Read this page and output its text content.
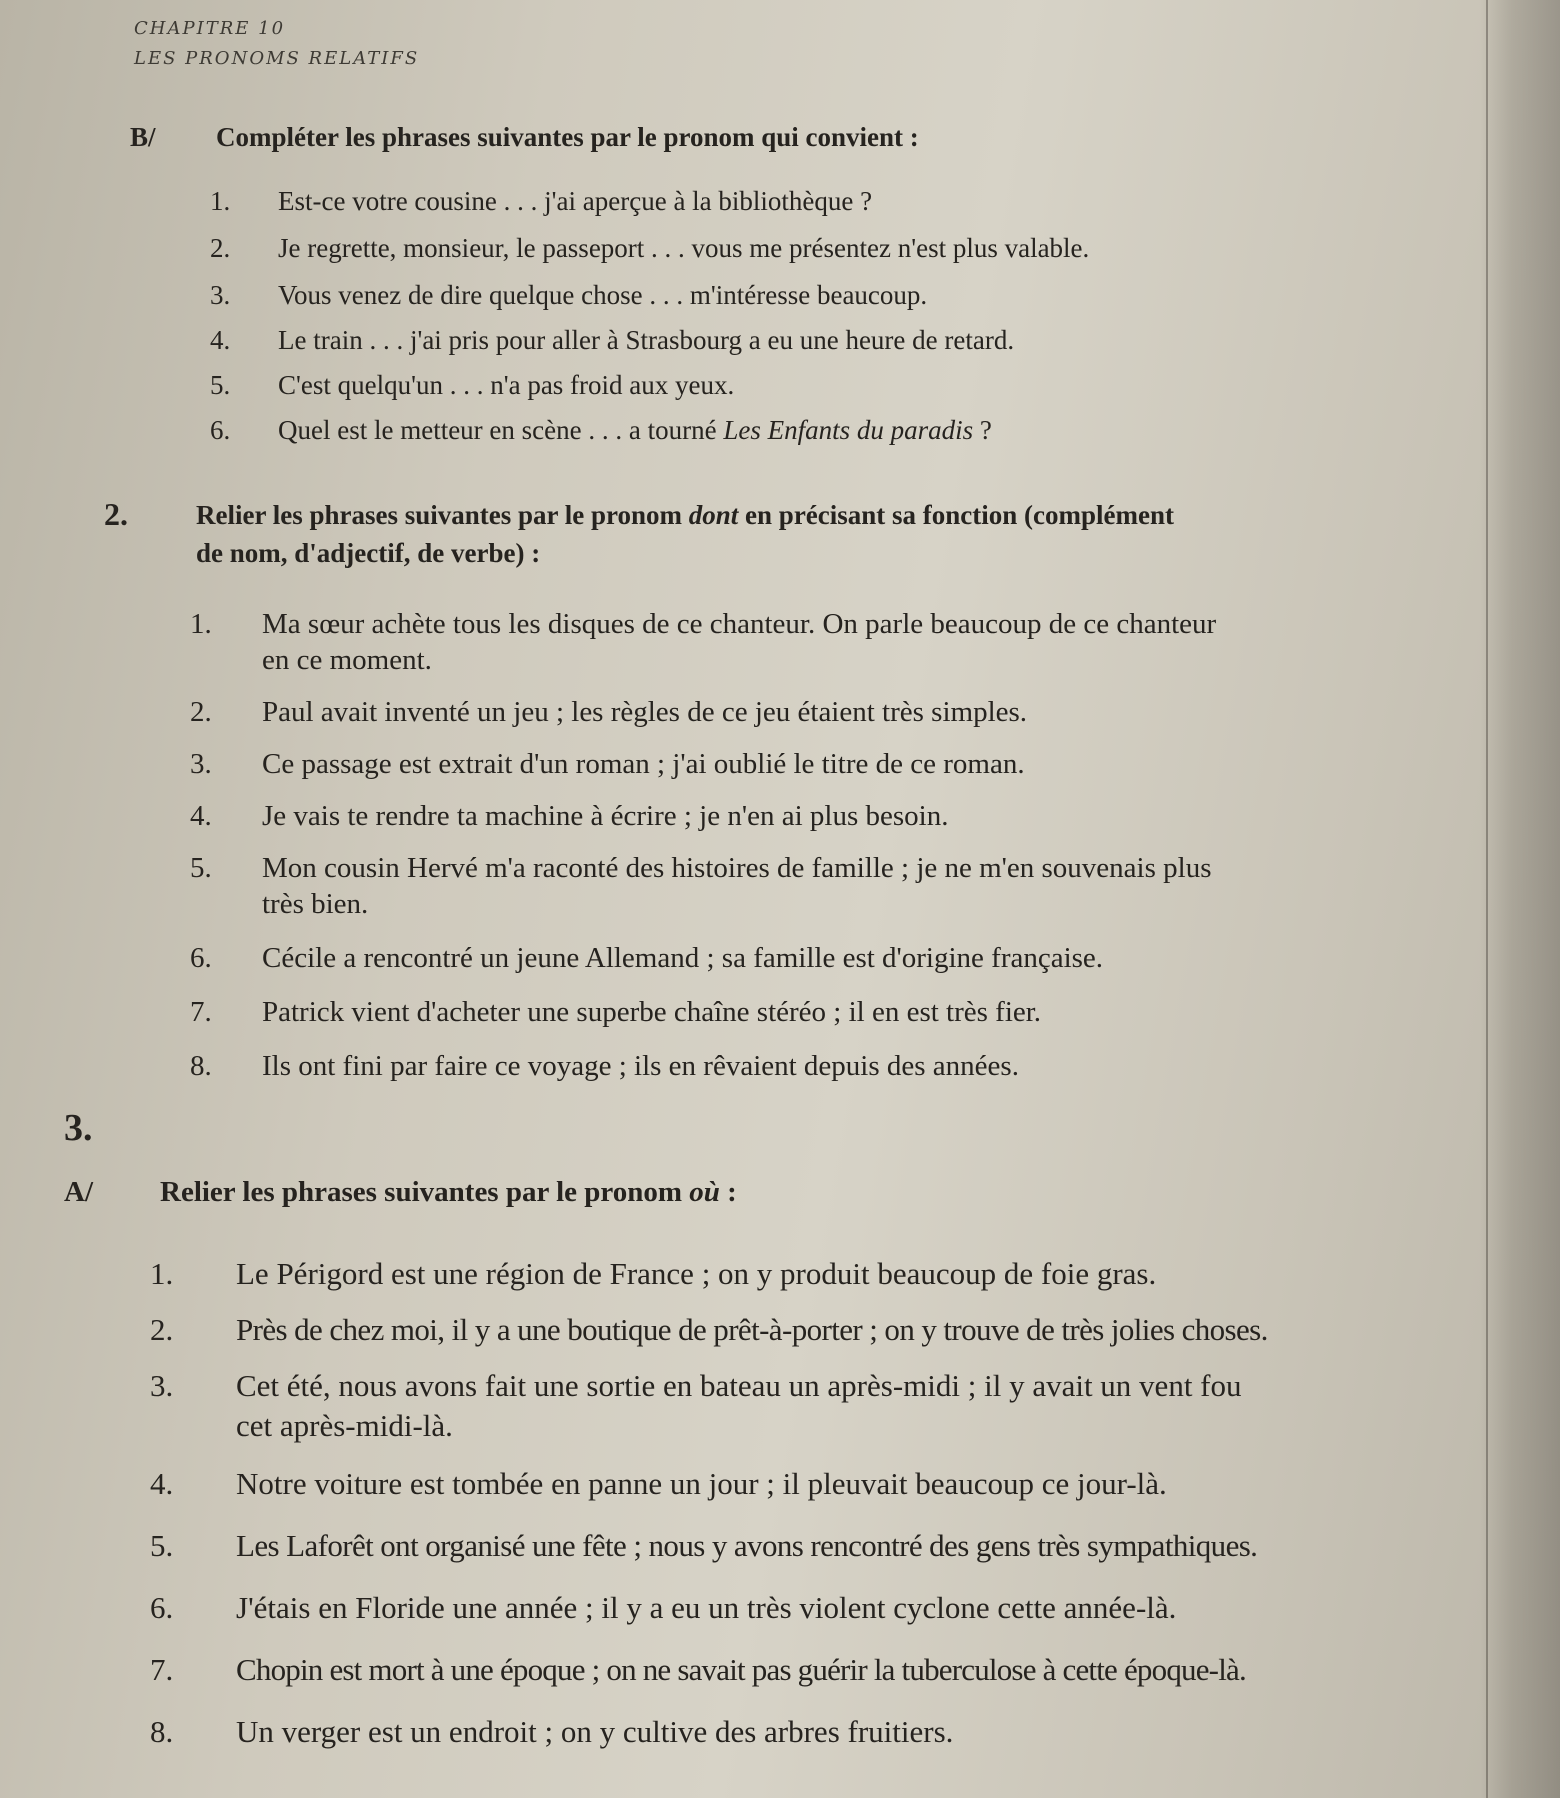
CHAPITRE 10
LES PRONOMS RELATIFS
B/ Compléter les phrases suivantes par le pronom qui convient :
1.	Est-ce votre cousine . . . j'ai aperçue à la bibliothèque ?
2.	Je regrette, monsieur, le passeport . . . vous me présentez n'est plus valable.
3.	Vous venez de dire quelque chose . . . m'intéresse beaucoup.
4.	Le train . . . j'ai pris pour aller à Strasbourg a eu une heure de retard.
5.	C'est quelqu'un . . . n'a pas froid aux yeux.
6.	Quel est le metteur en scène . . . a tourné Les Enfants du paradis ?
2.	Relier les phrases suivantes par le pronom dont en précisant sa fonction (complément
de nom, d'adjectif, de verbe) :
1.	Ma sœur achète tous les disques de ce chanteur. On parle beaucoup de ce chanteur
en ce moment.
2.	Paul avait inventé un jeu ; les règles de ce jeu étaient très simples.
3.	Ce passage est extrait d'un roman ; j'ai oublié le titre de ce roman.
4.	Je vais te rendre ta machine à écrire ; je n'en ai plus besoin.
5.	Mon cousin Hervé m'a raconté des histoires de famille ; je ne m'en souvenais plus
très bien.
6.	Cécile a rencontré un jeune Allemand ; sa famille est d'origine française.
7.	Patrick vient d'acheter une superbe chaîne stéréo ; il en est très fier.
8.	Ils ont fini par faire ce voyage ; ils en rêvaient depuis des années.
3.
A/ Relier les phrases suivantes par le pronom où :
1.	Le Périgord est une région de France ; on y produit beaucoup de foie gras.
2.	Près de chez moi, il y a une boutique de prêt-à-porter ; on y trouve de très jolies choses.
3.	Cet été, nous avons fait une sortie en bateau un après-midi ; il y avait un vent fou
cet après-midi-là.
4.	Notre voiture est tombée en panne un jour ; il pleuvait beaucoup ce jour-là.
5.	Les Laforêt ont organisé une fête ; nous y avons rencontré des gens très sympathiques.
6.	J'étais en Floride une année ; il y a eu un très violent cyclone cette année-là.
7.	Chopin est mort à une époque ; on ne savait pas guérir la tuberculose à cette époque-là.
8.	Un verger est un endroit ; on y cultive des arbres fruitiers.
